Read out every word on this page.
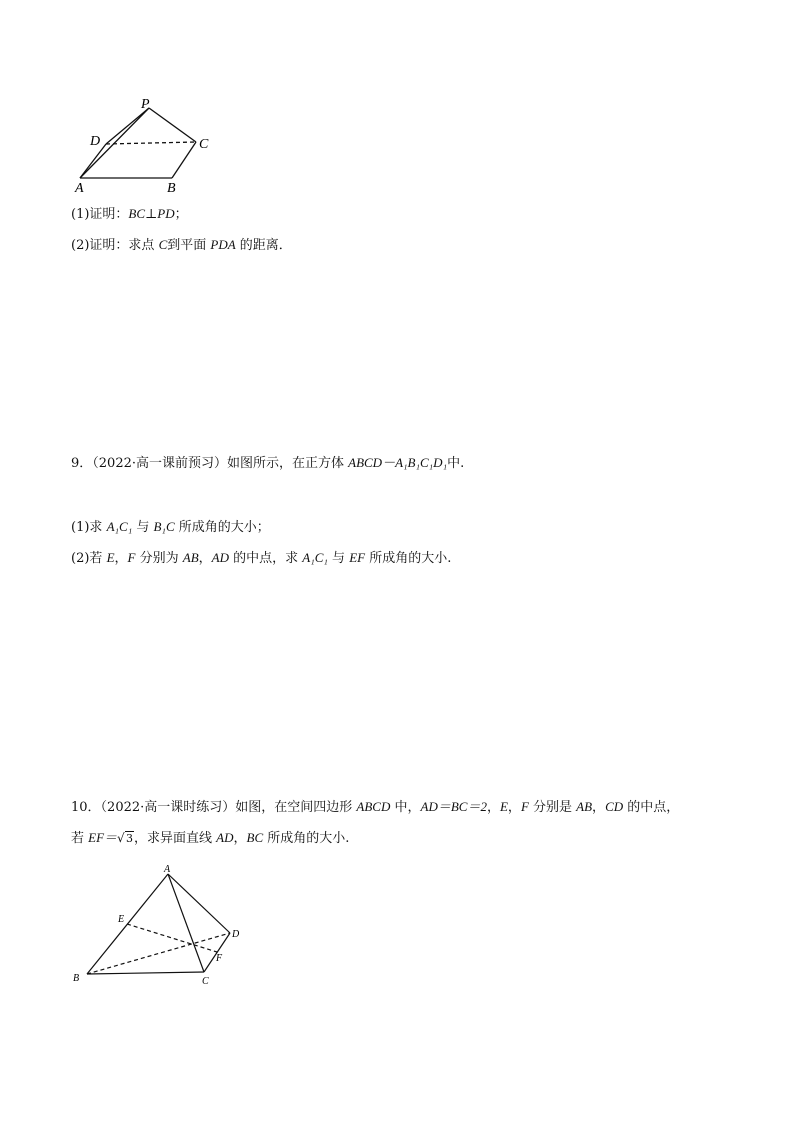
P
D	C
A	B
(1)证明：BC⊥PD；
(2)证明：求点 C到平面 PDA 的距离．
9．（2022·高一课前预习）如图所示，在正方体 ABCD－A₁B₁C₁D₁中.
(1)求 A₁C₁ 与 B₁C 所成角的大小；
(2)若 E，F 分别为 AB，AD 的中点，求 A₁C₁ 与 EF 所成角的大小.
10．（2022·高一课时练习）如图，在空间四边形 ABCD 中，AD＝BC＝2，E，F 分别是 AB，CD 的中点，
若 EF＝√ 3，求异面直线 AD，BC 所成角的大小.
A
E
D
F
B	C
